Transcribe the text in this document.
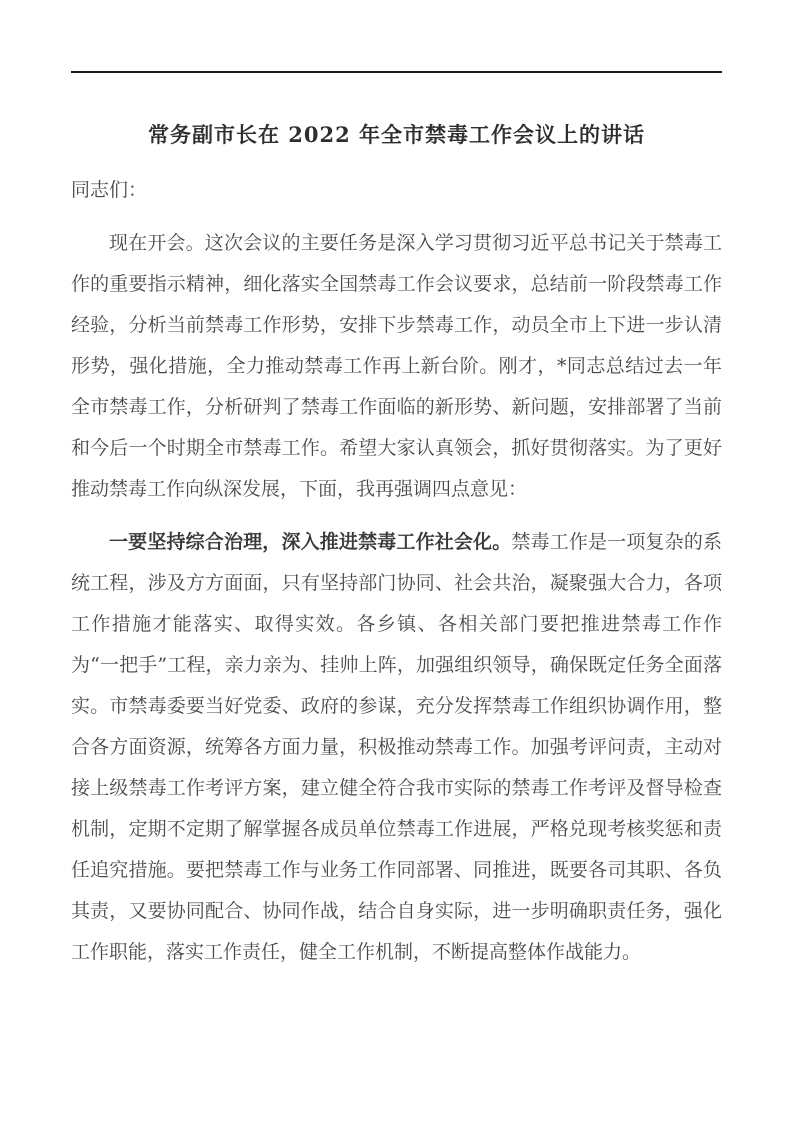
常务副市长在 2022 年全市禁毒工作会议上的讲话

同志们：

现在开会。这次会议的主要任务是深入学习贯彻习近平总书记关于禁毒工作的重要指示精神，细化落实全国禁毒工作会议要求，总结前一阶段禁毒工作经验，分析当前禁毒工作形势，安排下步禁毒工作，动员全市上下进一步认清形势，强化措施，全力推动禁毒工作再上新台阶。刚才，*同志总结过去一年全市禁毒工作，分析研判了禁毒工作面临的新形势、新问题，安排部署了当前和今后一个时期全市禁毒工作。希望大家认真领会，抓好贯彻落实。为了更好推动禁毒工作向纵深发展，下面，我再强调四点意见：

一要坚持综合治理，深入推进禁毒工作社会化。禁毒工作是一项复杂的系统工程，涉及方方面面，只有坚持部门协同、社会共治，凝聚强大合力，各项工作措施才能落实、取得实效。各乡镇、各相关部门要把推进禁毒工作作为“一把手”工程，亲力亲为、挂帅上阵，加强组织领导，确保既定任务全面落实。市禁毒委要当好党委、政府的参谋，充分发挥禁毒工作组织协调作用，整合各方面资源，统筹各方面力量，积极推动禁毒工作。加强考评问责，主动对接上级禁毒工作考评方案，建立健全符合我市实际的禁毒工作考评及督导检查机制，定期不定期了解掌握各成员单位禁毒工作进展，严格兑现考核奖惩和责任追究措施。要把禁毒工作与业务工作同部署、同推进，既要各司其职、各负其责，又要协同配合、协同作战，结合自身实际，进一步明确职责任务，强化工作职能，落实工作责任，健全工作机制，不断提高整体作战能力。
